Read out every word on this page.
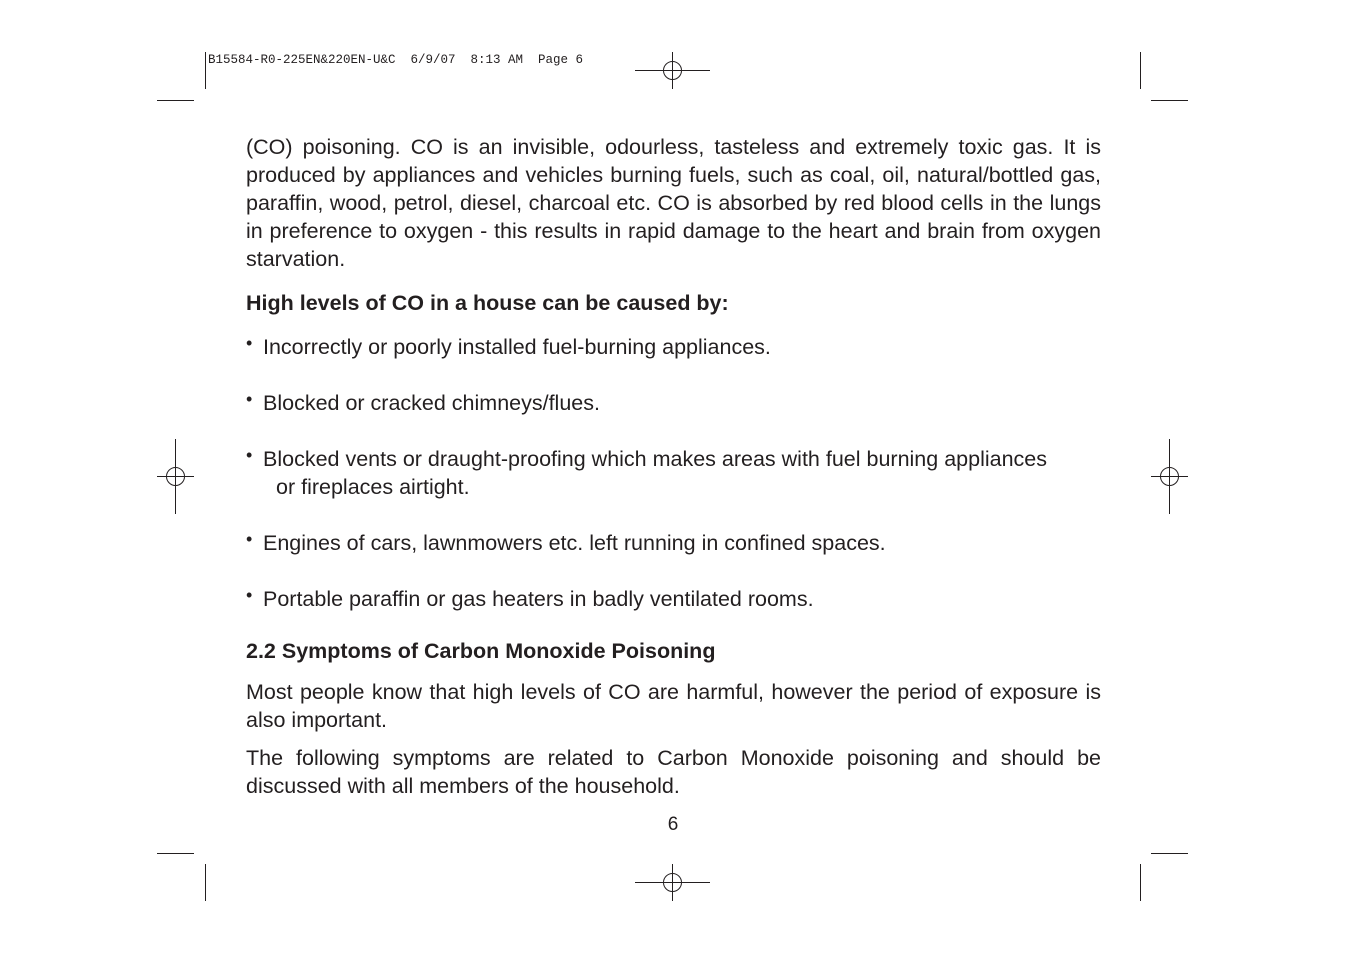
B15584-R0-225EN&220EN-U&C  6/9/07  8:13 AM  Page 6

(CO) poisoning. CO is an invisible, odourless, tasteless and extremely toxic gas. It is produced by appliances and vehicles burning fuels, such as coal, oil, natural/bottled gas, paraffin, wood, petrol, diesel, charcoal etc. CO is absorbed by red blood cells in the lungs in preference to oxygen - this results in rapid damage to the heart and brain from oxygen starvation.

High levels of CO in a house can be caused by:

• Incorrectly or poorly installed fuel-burning appliances.
• Blocked or cracked chimneys/flues.
• Blocked vents or draught-proofing which makes areas with fuel burning appliances
or fireplaces airtight.
• Engines of cars, lawnmowers etc. left running in confined spaces.
• Portable paraffin or gas heaters in badly ventilated rooms.

2.2 Symptoms of Carbon Monoxide Poisoning

Most people know that high levels of CO are harmful, however the period of exposure is also important.

The following symptoms are related to Carbon Monoxide poisoning and should be discussed with all members of the household.

6
